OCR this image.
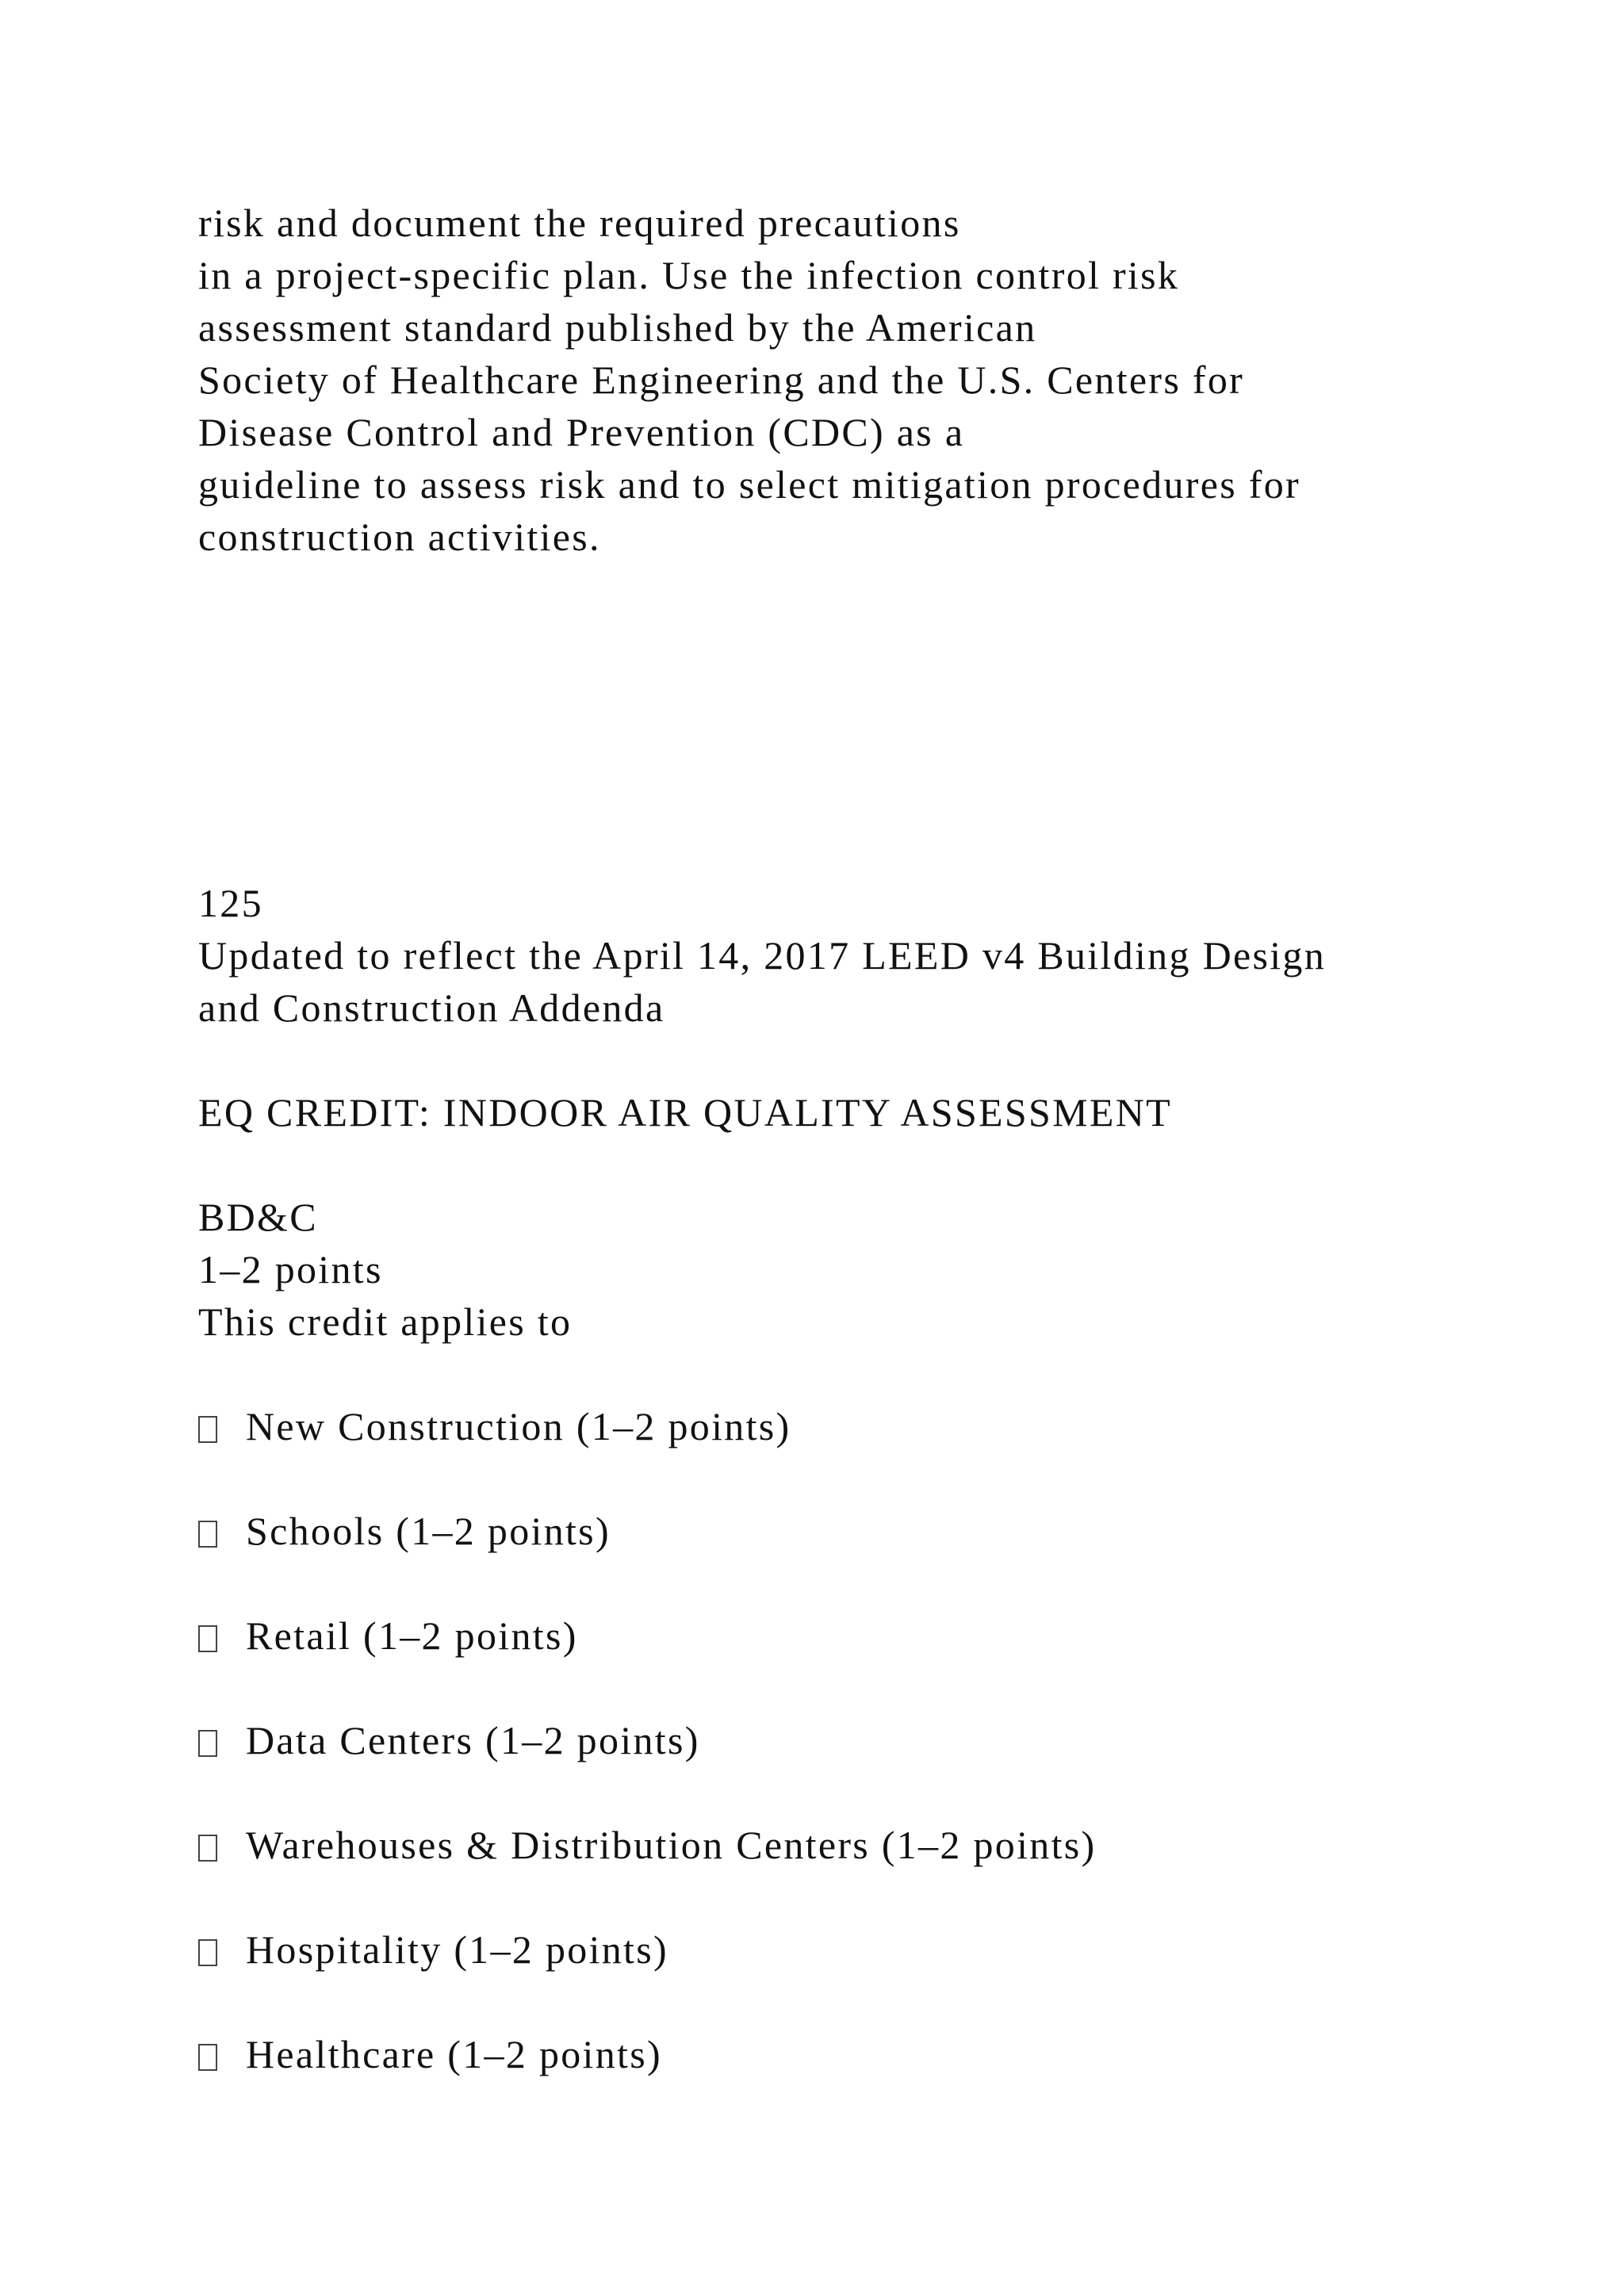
risk and document the required precautions

in a project-specific plan. Use the infection control risk

assessment standard published by the American

Society of Healthcare Engineering and the U.S. Centers for

Disease Control and Prevention (CDC) as a

guideline to assess risk and to select mitigation procedures for

construction activities.

125

Updated to reflect the April 14, 2017 LEED v4 Building Design

and Construction Addenda

EQ CREDIT: INDOOR AIR QUALITY ASSESSMENT

BD&C

1–2 points

This credit applies to

New Construction (1–2 points)

Schools (1–2 points)

Retail (1–2 points)

Data Centers (1–2 points)

Warehouses & Distribution Centers (1–2 points)

Hospitality (1–2 points)

Healthcare (1–2 points)
